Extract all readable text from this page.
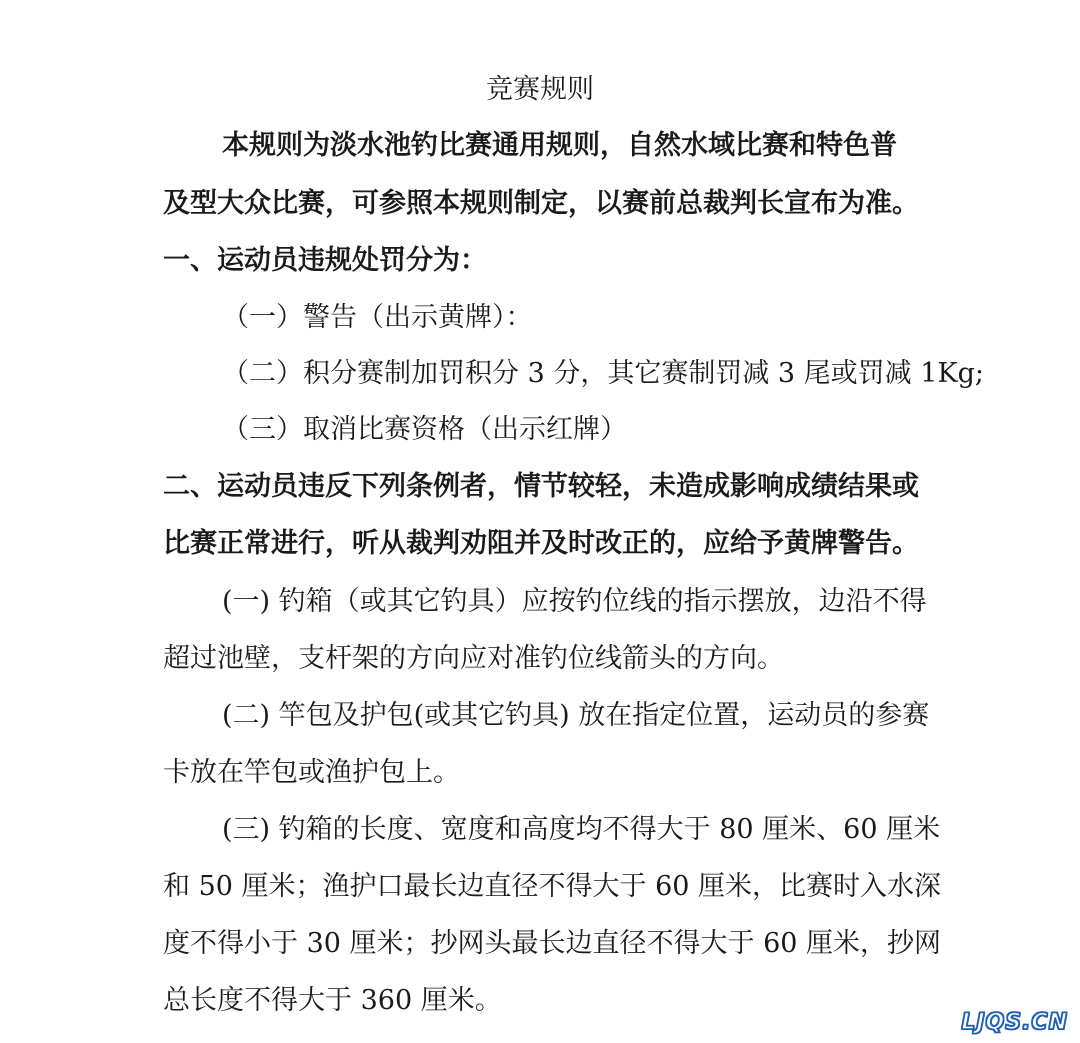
竞赛规则
本规则为淡水池钓比赛通用规则，自然水域比赛和特色普
及型大众比赛，可参照本规则制定，以赛前总裁判长宣布为准。
一、运动员违规处罚分为：
（一）警告（出示黄牌）：
（二）积分赛制加罚积分 3 分，其它赛制罚减 3 尾或罚减 1Kg;
（三）取消比赛资格（出示红牌）
二、运动员违反下列条例者，情节较轻，未造成影响成绩结果或
比赛正常进行，听从裁判劝阻并及时改正的，应给予黄牌警告。
(一) 钓箱（或其它钓具）应按钓位线的指示摆放，边沿不得
超过池壁，支杆架的方向应对准钓位线箭头的方向。
(二) 竿包及护包(或其它钓具) 放在指定位置，运动员的参赛
卡放在竿包或渔护包上。
(三) 钓箱的长度、宽度和高度均不得大于 80 厘米、60 厘米
和 50 厘米；渔护口最长边直径不得大于 60 厘米，比赛时入水深
度不得小于 30 厘米；抄网头最长边直径不得大于 60 厘米，抄网
总长度不得大于 360 厘米。
LJQS.CN
